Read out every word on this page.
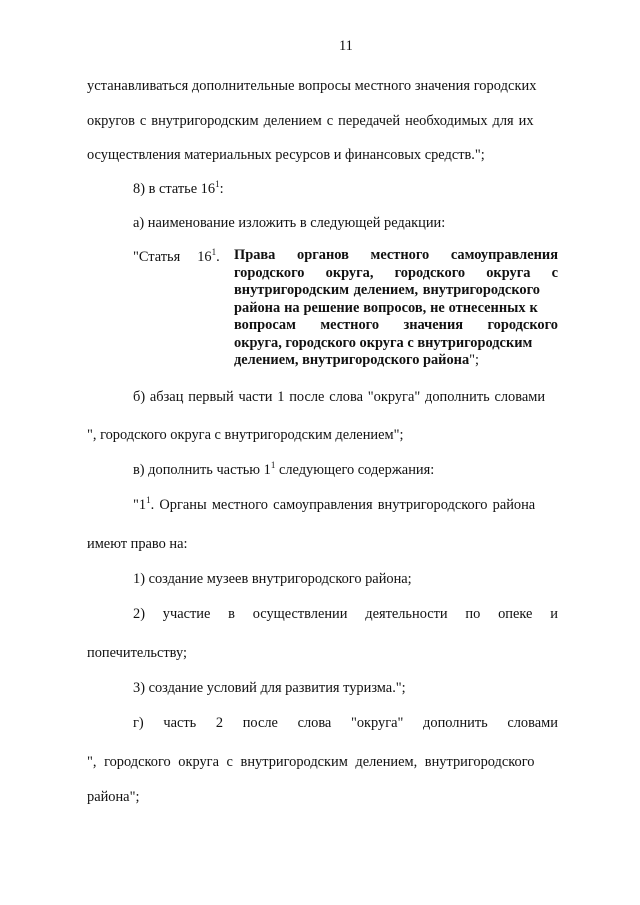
11
устанавливаться дополнительные вопросы местного значения городских
округов с внутригородским делением с передачей необходимых для их
осуществления материальных ресурсов и финансовых средств.";
8) в статье $16^1$:
а) наименование изложить в следующей редакции:
"Статья $16^1$. Права органов местного самоуправления
городского округа, городского округа с
внутригородским делением, внутригородского
района на решение вопросов, не отнесенных к
вопросам местного значения городского
округа, городского округа с внутригородским
делением, внутригородского района ";
б) абзац первый части 1 после слова "округа" дополнить словами
", городского округа с внутригородским делением";
в) дополнить частью $1^1$ следующего содержания:
"$1^1$. Органы местного самоуправления внутригородского района
имеют право на:
1) создание музеев внутригородского района;
2) участие в осуществлении деятельности по опеке и
попечительству;
3) создание условий для развития туризма.";
г) часть 2 после слова "округа" дополнить словами
", городского округа с внутригородским делением, внутригородского
района";
